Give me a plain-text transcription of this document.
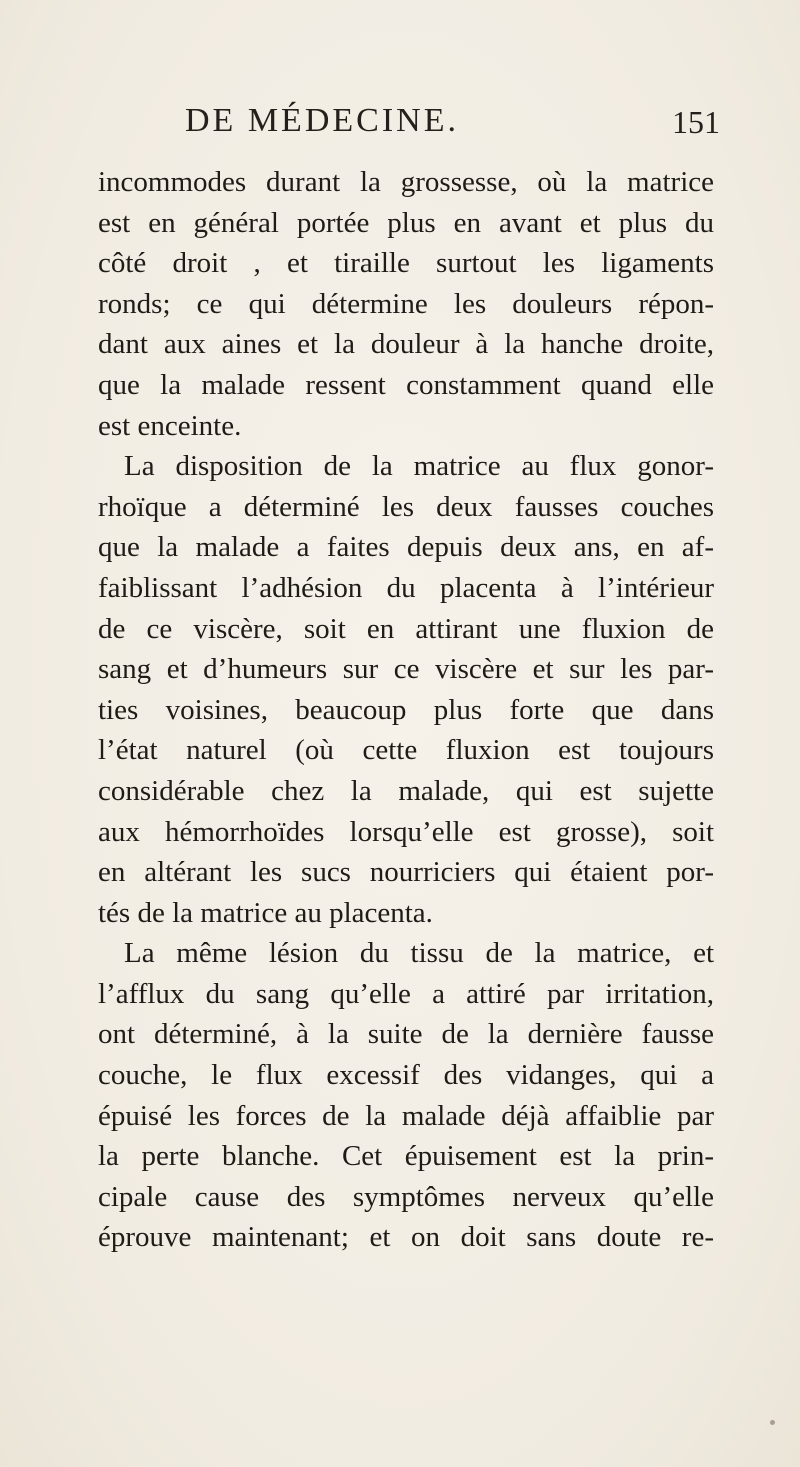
DE MÉDECINE.	151
incommodes durant la grossesse, où la matrice
est en général portée plus en avant et plus du
côté droit , et tiraille surtout les ligaments
ronds; ce qui détermine les douleurs répon-
dant aux aines et la douleur à la hanche droite,
que la malade ressent constamment quand elle
est enceinte.
La disposition de la matrice au flux gonor-
rhoïque a déterminé les deux fausses couches
que la malade a faites depuis deux ans, en af-
faiblissant l’adhésion du placenta à l’intérieur
de ce viscère, soit en attirant une fluxion de
sang et d’humeurs sur ce viscère et sur les par-
ties voisines, beaucoup plus forte que dans
l’état naturel (où cette fluxion est toujours
considérable chez la malade, qui est sujette
aux hémorrhoïdes lorsqu’elle est grosse), soit
en altérant les sucs nourriciers qui étaient por-
tés de la matrice au placenta.
La même lésion du tissu de la matrice, et
l’afflux du sang qu’elle a attiré par irritation,
ont déterminé, à la suite de la dernière fausse
couche, le flux excessif des vidanges, qui a
épuisé les forces de la malade déjà affaiblie par
la perte blanche. Cet épuisement est la prin-
cipale cause des symptômes nerveux qu’elle
éprouve maintenant; et on doit sans doute re-
